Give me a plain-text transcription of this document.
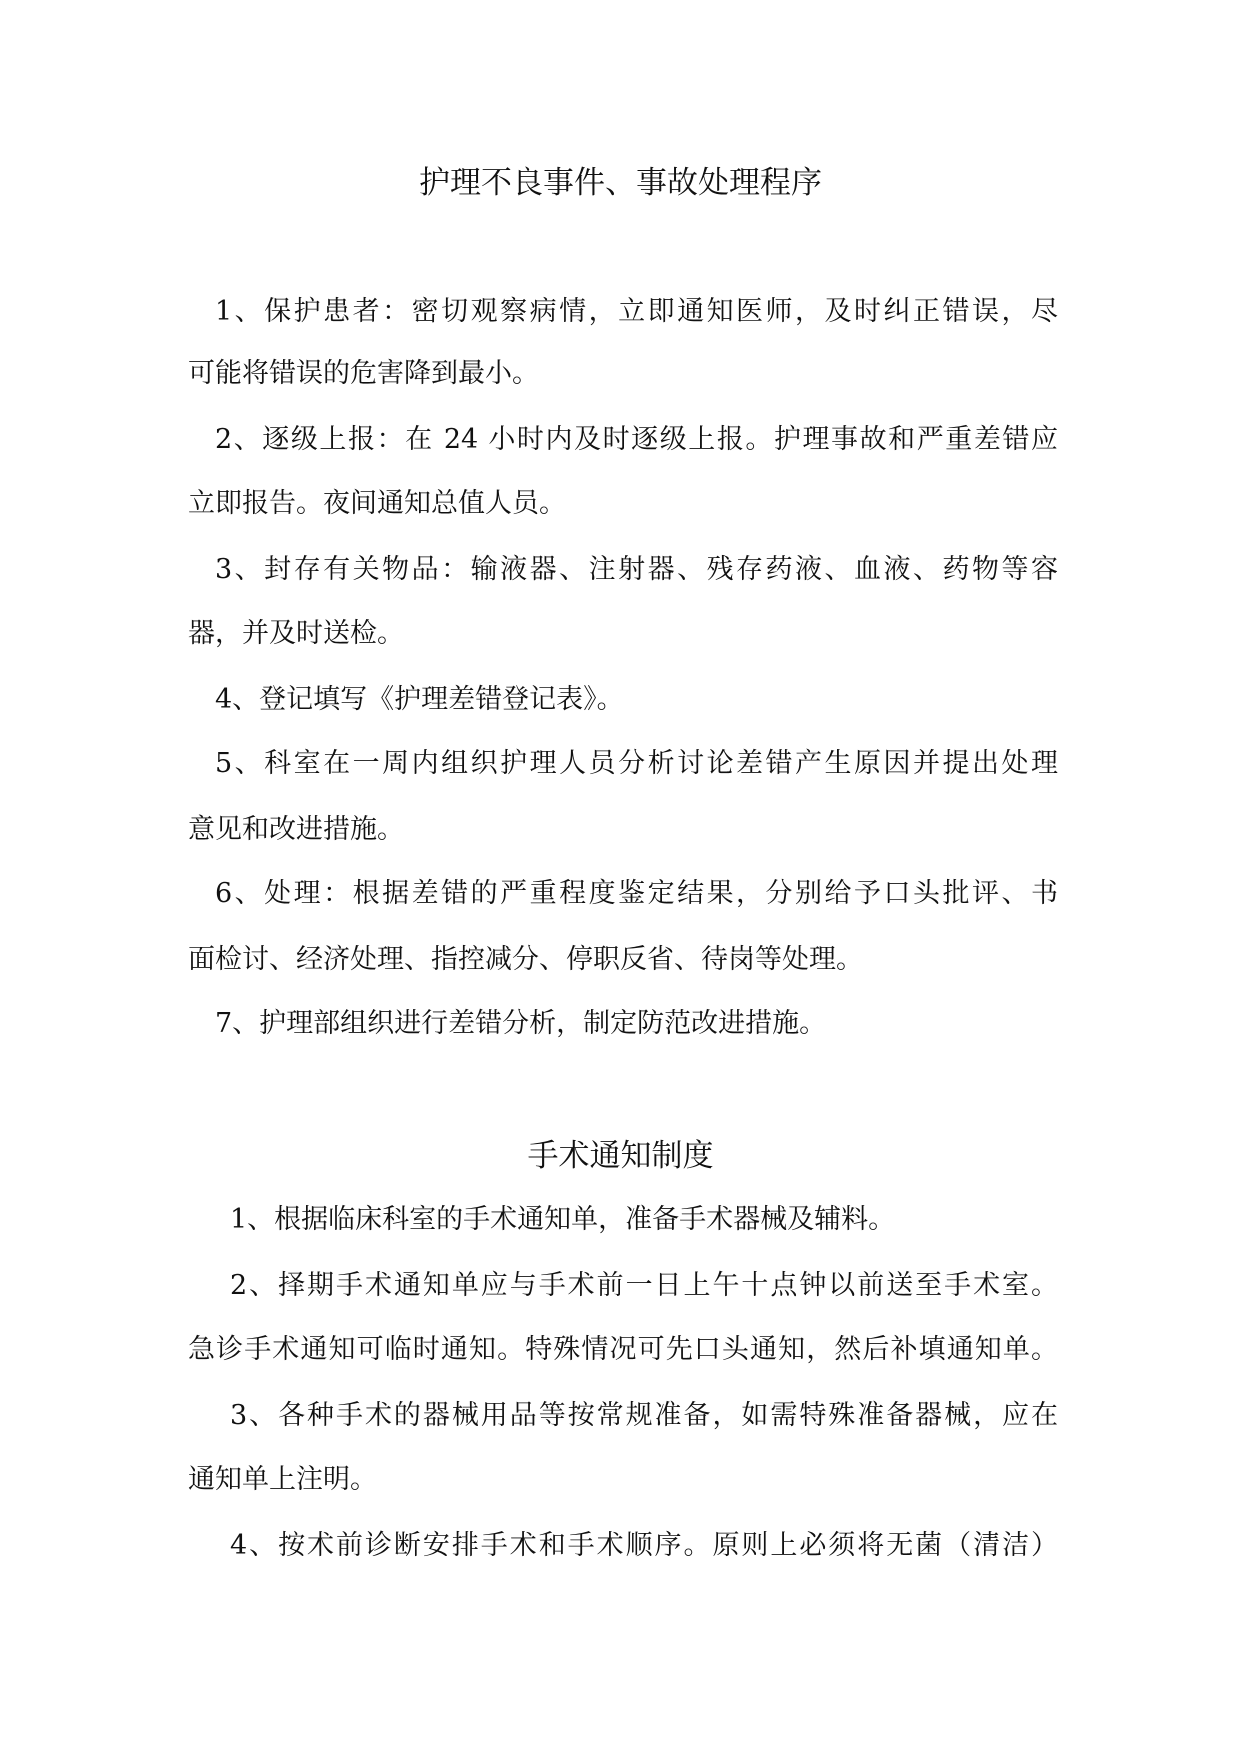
护理不良事件、事故处理程序

1、保护患者：密切观察病情，立即通知医师，及时纠正错误，尽

可能将错误的危害降到最小。

2、逐级上报：在 24 小时内及时逐级上报。护理事故和严重差错应

立即报告。夜间通知总值人员。

3、封存有关物品：输液器、注射器、残存药液、血液、药物等容

器，并及时送检。

4、登记填写《护理差错登记表》。

5、科室在一周内组织护理人员分析讨论差错产生原因并提出处理

意见和改进措施。

6、处理：根据差错的严重程度鉴定结果，分别给予口头批评、书

面检讨、经济处理、指控减分、停职反省、待岗等处理。

7、护理部组织进行差错分析，制定防范改进措施。

手术通知制度

1、根据临床科室的手术通知单，准备手术器械及辅料。

2、择期手术通知单应与手术前一日上午十点钟以前送至手术室。

急诊手术通知可临时通知。特殊情况可先口头通知，然后补填通知单。

3、各种手术的器械用品等按常规准备，如需特殊准备器械，应在

通知单上注明。

4、按术前诊断安排手术和手术顺序。原则上必须将无菌（清洁）
